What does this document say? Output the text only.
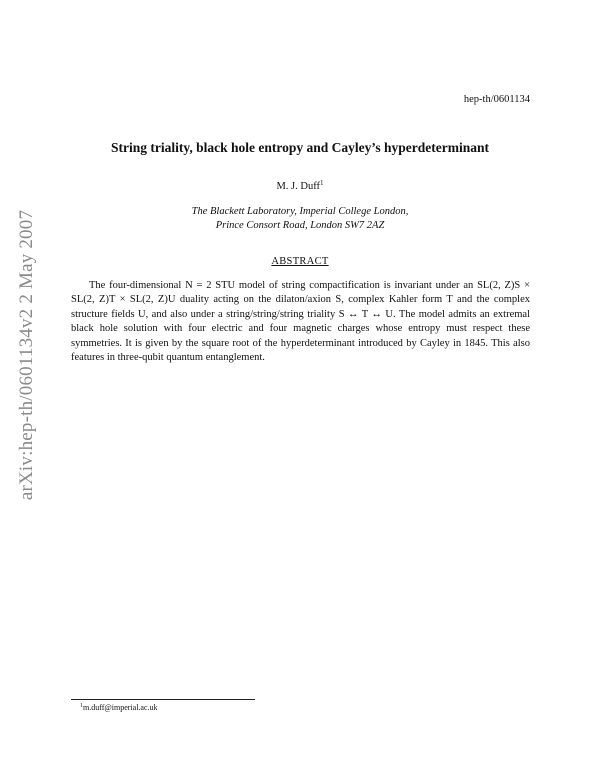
arXiv:hep-th/0601134v2 2 May 2007
hep-th/0601134
String triality, black hole entropy and Cayley’s hyperdeterminant
M. J. Duff$^1$
The Blackett Laboratory, Imperial College London,
Prince Consort Road, London SW7 2AZ
ABSTRACT

The four-dimensional N = 2 STU model of string compactification is invariant under an SL(2, Z)S × SL(2, Z)T × SL(2, Z)U duality acting on the dilaton/axion S, complex Kahler form T and the complex structure fields U, and also under a string/string/string triality S ↔ T ↔ U. The model admits an extremal black hole solution with four electric and four magnetic charges whose entropy must respect these symmetries. It is given by the square root of the hyperdeterminant introduced by Cayley in 1845. This also features in three-qubit quantum entanglement.

$^1$m.duff@imperial.ac.uk
